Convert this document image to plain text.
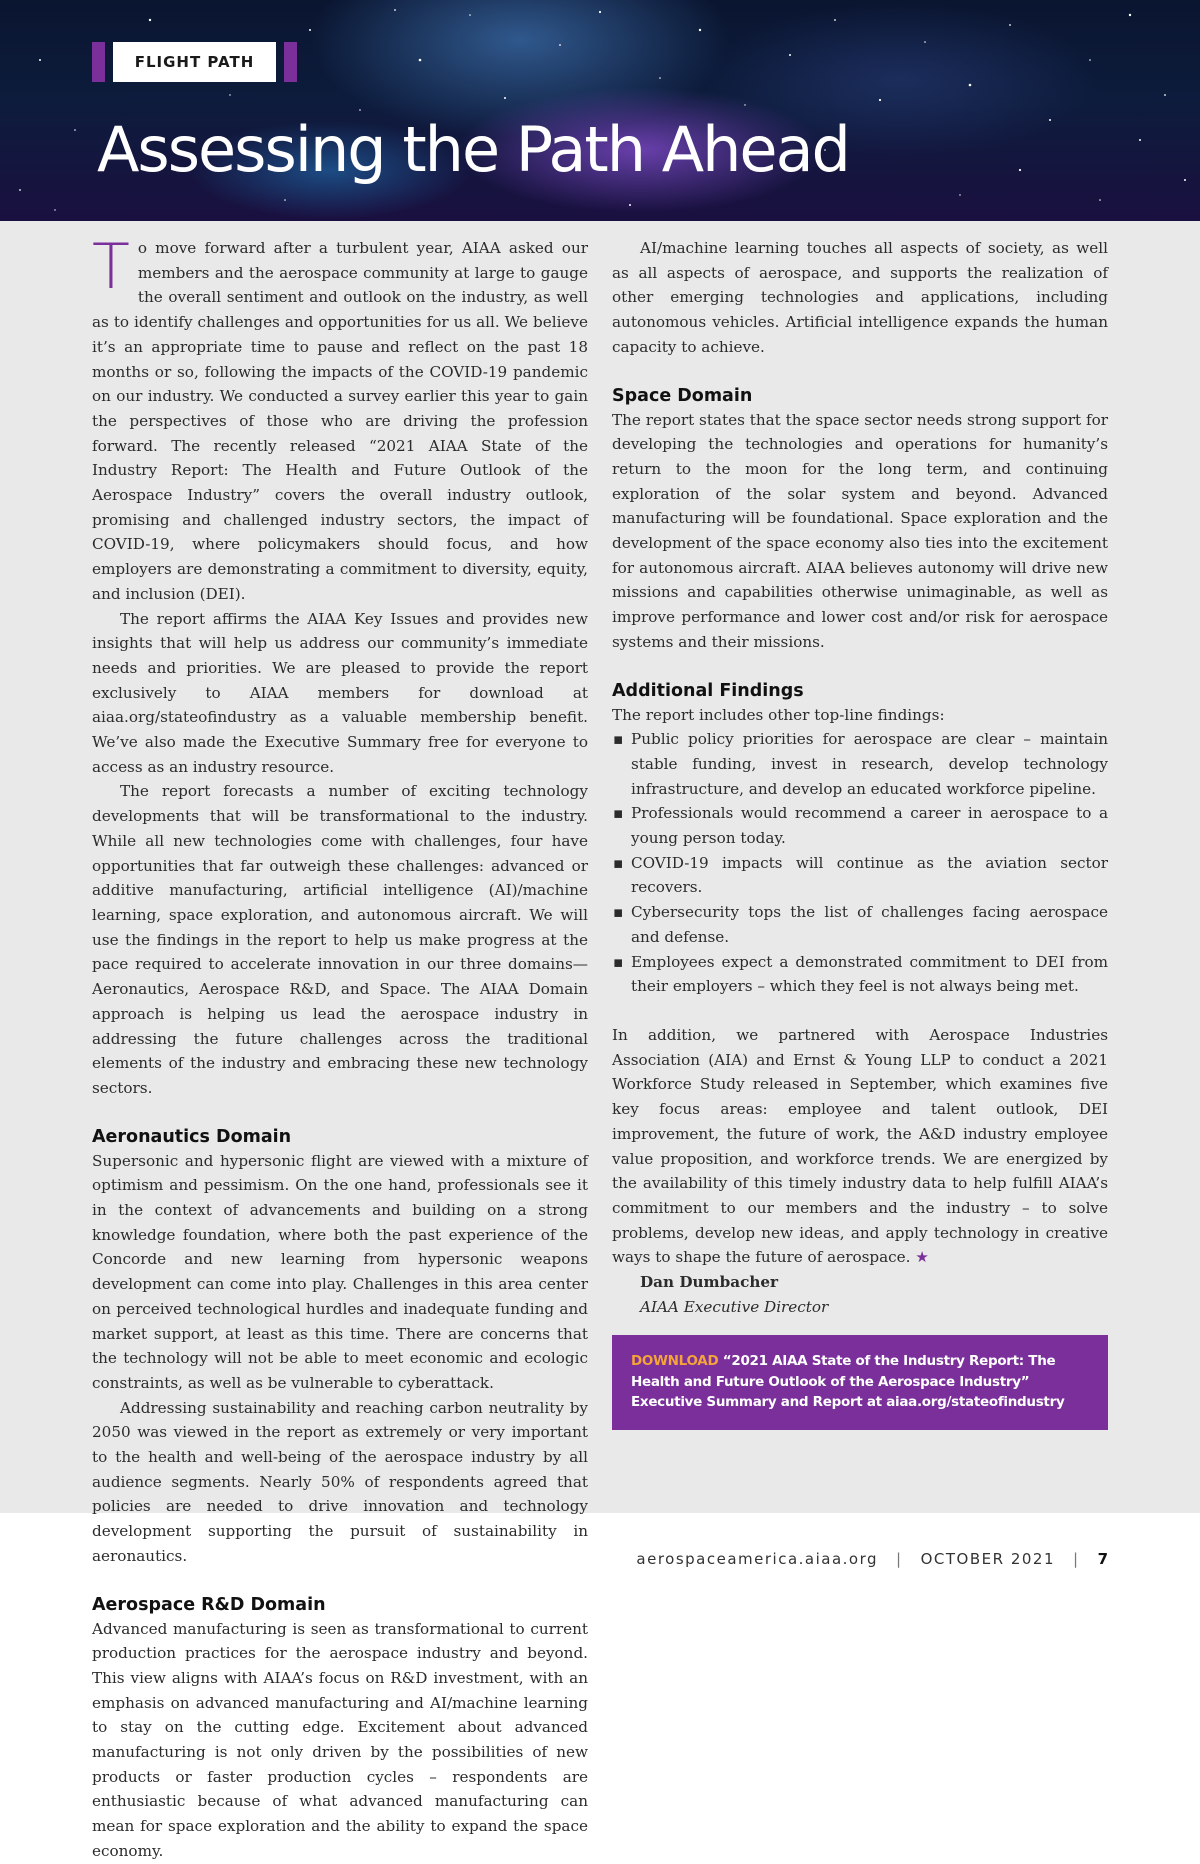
FLIGHT PATH
Assessing the Path Ahead

To move forward after a turbulent year, AIAA asked our members and the aerospace community at large to gauge the overall sentiment and outlook on the industry, as well as to identify challenges and opportunities for us all. We believe it’s an appropriate time to pause and reflect on the past 18 months or so, following the impacts of the COVID-19 pandemic on our industry. We conducted a survey earlier this year to gain the perspectives of those who are driving the profession forward. The recently released “2021 AIAA State of the Industry Report: The Health and Future Outlook of the Aerospace Industry” covers the overall industry outlook, promising and challenged industry sectors, the impact of COVID-19, where policymakers should focus, and how employers are demonstrating a commitment to diversity, equity, and inclusion (DEI).

The report affirms the AIAA Key Issues and provides new insights that will help us address our community’s immediate needs and priorities. We are pleased to provide the report exclusively to AIAA members for download at aiaa.org/stateofindustry as a valuable membership benefit. We’ve also made the Executive Summary free for everyone to access as an industry resource.

The report forecasts a number of exciting technology developments that will be transformational to the industry. While all new technologies come with challenges, four have opportunities that far outweigh these challenges: advanced or additive manufacturing, artificial intelligence (AI)/machine learning, space exploration, and autonomous aircraft. We will use the findings in the report to help us make progress at the pace required to accelerate innovation in our three domains—Aeronautics, Aerospace R&D, and Space. The AIAA Domain approach is helping us lead the aerospace industry in addressing the future challenges across the traditional elements of the industry and embracing these new technology sectors.

Aeronautics Domain

Supersonic and hypersonic flight are viewed with a mixture of optimism and pessimism. On the one hand, professionals see it in the context of advancements and building on a strong knowledge foundation, where both the past experience of the Concorde and new learning from hypersonic weapons development can come into play. Challenges in this area center on perceived technological hurdles and inadequate funding and market support, at least as this time. There are concerns that the technology will not be able to meet economic and ecologic constraints, as well as be vulnerable to cyberattack.

Addressing sustainability and reaching carbon neutrality by 2050 was viewed in the report as extremely or very important to the health and well-being of the aerospace industry by all audience segments. Nearly 50% of respondents agreed that policies are needed to drive innovation and technology development supporting the pursuit of sustainability in aeronautics.

Aerospace R&D Domain

Advanced manufacturing is seen as transformational to current production practices for the aerospace industry and beyond. This view aligns with AIAA’s focus on R&D investment, with an emphasis on advanced manufacturing and AI/machine learning to stay on the cutting edge. Excitement about advanced manufacturing is not only driven by the possibilities of new products or faster production cycles – respondents are enthusiastic because of what advanced manufacturing can mean for space exploration and the ability to expand the space economy.

AI/machine learning touches all aspects of society, as well as all aspects of aerospace, and supports the realization of other emerging technologies and applications, including autonomous vehicles. Artificial intelligence expands the human capacity to achieve.

Space Domain

The report states that the space sector needs strong support for developing the technologies and operations for humanity’s return to the moon for the long term, and continuing exploration of the solar system and beyond. Advanced manufacturing will be foundational. Space exploration and the development of the space economy also ties into the excitement for autonomous aircraft. AIAA believes autonomy will drive new missions and capabilities otherwise unimaginable, as well as improve performance and lower cost and/or risk for aerospace systems and their missions.

Additional Findings

The report includes other top-line findings:

▪ Public policy priorities for aerospace are clear – maintain stable funding, invest in research, develop technology infrastructure, and develop an educated workforce pipeline.
▪ Professionals would recommend a career in aerospace to a young person today.
▪ COVID-19 impacts will continue as the aviation sector recovers.
▪ Cybersecurity tops the list of challenges facing aerospace and defense.
▪ Employees expect a demonstrated commitment to DEI from their employers – which they feel is not always being met.

In addition, we partnered with Aerospace Industries Association (AIA) and Ernst & Young LLP to conduct a 2021 Workforce Study released in September, which examines five key focus areas: employee and talent outlook, DEI improvement, the future of work, the A&D industry employee value proposition, and workforce trends. We are energized by the availability of this timely industry data to help fulfill AIAA’s commitment to our members and the industry – to solve problems, develop new ideas, and apply technology in creative ways to shape the future of aerospace. ★

Dan Dumbacher

AIAA Executive Director

DOWNLOAD “2021 AIAA State of the Industry Report: The Health and Future Outlook of the Aerospace Industry” Executive Summary and Report at aiaa.org/stateofindustry
aerospaceamerica.aiaa.org | OCTOBER 2021 | 7
